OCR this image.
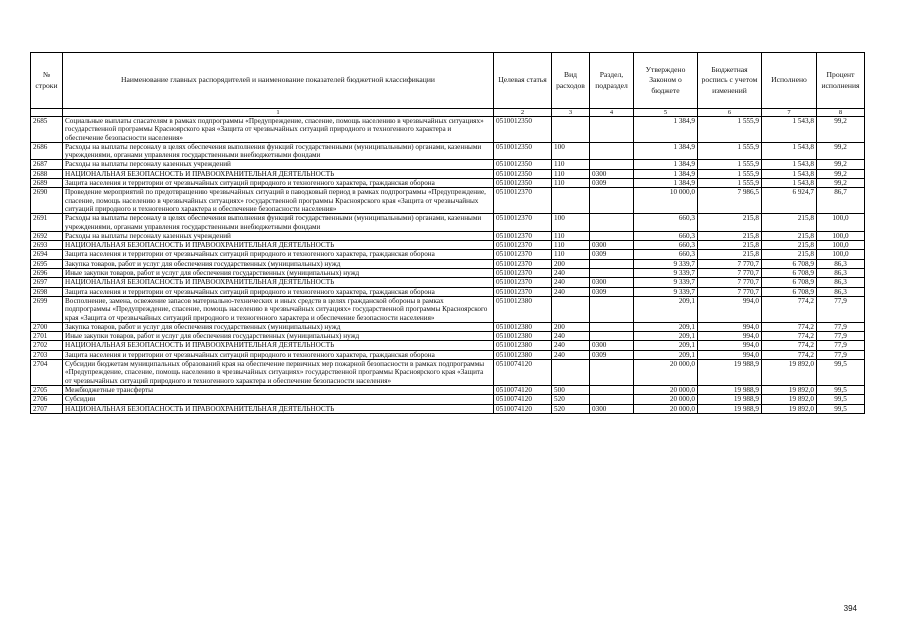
№ строки	Наименование главных распорядителей и наименование показателей бюджетной классификации	Целевая статья	Вид расходов	Раздел, подраздел	Утверждено Законом о бюджете	Бюджетная роспись с учетом изменений	Исполнено	Процент исполнения
	1	2	3	4	5	6	7	8
2685	Социальные выплаты спасателям в рамках подпрограммы «Предупреждение, спасение, помощь населению в чрезвычайных ситуациях» государственной программы Красноярского края «Защита от чрезвычайных ситуаций природного и техногенного характера и обеспечение безопасности населения»	0510012350			1 384,9	1 555,9	1 543,8	99,2
2686	Расходы на выплаты персоналу в целях обеспечения выполнения функций государственными (муниципальными) органами, казенными учреждениями, органами управления государственными внебюджетными фондами	0510012350	100		1 384,9	1 555,9	1 543,8	99,2
2687	Расходы на выплаты персоналу казенных учреждений	0510012350	110		1 384,9	1 555,9	1 543,8	99,2
2688	НАЦИОНАЛЬНАЯ БЕЗОПАСНОСТЬ И ПРАВООХРАНИТЕЛЬНАЯ ДЕЯТЕЛЬНОСТЬ	0510012350	110	0300	1 384,9	1 555,9	1 543,8	99,2
2689	Защита населения и территории от чрезвычайных ситуаций природного и техногенного характера, гражданская оборона	0510012350	110	0309	1 384,9	1 555,9	1 543,8	99,2
2690	Проведение мероприятий по предотвращению чрезвычайных ситуаций в паводковый период в рамках подпрограммы «Предупреждение, спасение, помощь населению в чрезвычайных ситуациях» государственной программы Красноярского края «Защита от чрезвычайных ситуаций природного и техногенного характера и обеспечение безопасности населения»	0510012370			10 000,0	7 986,5	6 924,7	86,7
2691	Расходы на выплаты персоналу в целях обеспечения выполнения функций государственными (муниципальными) органами, казенными учреждениями, органами управления государственными внебюджетными фондами	0510012370	100		660,3	215,8	215,8	100,0
2692	Расходы на выплаты персоналу казенных учреждений	0510012370	110		660,3	215,8	215,8	100,0
2693	НАЦИОНАЛЬНАЯ БЕЗОПАСНОСТЬ И ПРАВООХРАНИТЕЛЬНАЯ ДЕЯТЕЛЬНОСТЬ	0510012370	110	0300	660,3	215,8	215,8	100,0
2694	Защита населения и территории от чрезвычайных ситуаций природного и техногенного характера, гражданская оборона	0510012370	110	0309	660,3	215,8	215,8	100,0
2695	Закупка товаров, работ и услуг для обеспечения государственных (муниципальных) нужд	0510012370	200		9 339,7	7 770,7	6 708,9	86,3
2696	Иные закупки товаров, работ и услуг для обеспечения государственных (муниципальных) нужд	0510012370	240		9 339,7	7 770,7	6 708,9	86,3
2697	НАЦИОНАЛЬНАЯ БЕЗОПАСНОСТЬ И ПРАВООХРАНИТЕЛЬНАЯ ДЕЯТЕЛЬНОСТЬ	0510012370	240	0300	9 339,7	7 770,7	6 708,9	86,3
2698	Защита населения и территории от чрезвычайных ситуаций природного и техногенного характера, гражданская оборона	0510012370	240	0309	9 339,7	7 770,7	6 708,9	86,3
2699	Восполнение, замена, освежение запасов материально-технических и иных средств в целях гражданской обороны в рамках подпрограммы «Предупреждение, спасение, помощь населению в чрезвычайных ситуациях» государственной программы Красноярского края «Защита от чрезвычайных ситуаций природного и техногенного характера и обеспечение безопасности населения»	0510012380			209,1	994,0	774,2	77,9
2700	Закупка товаров, работ и услуг для обеспечения государственных (муниципальных) нужд	0510012380	200		209,1	994,0	774,2	77,9
2701	Иные закупки товаров, работ и услуг для обеспечения государственных (муниципальных) нужд	0510012380	240		209,1	994,0	774,2	77,9
2702	НАЦИОНАЛЬНАЯ БЕЗОПАСНОСТЬ И ПРАВООХРАНИТЕЛЬНАЯ ДЕЯТЕЛЬНОСТЬ	0510012380	240	0300	209,1	994,0	774,2	77,9
2703	Защита населения и территории от чрезвычайных ситуаций природного и техногенного характера, гражданская оборона	0510012380	240	0309	209,1	994,0	774,2	77,9
2704	Субсидии бюджетам муниципальных образований края на обеспечение первичных мер пожарной безопасности в рамках подпрограммы «Предупреждение, спасение, помощь населению в чрезвычайных ситуациях» государственной программы Красноярского края «Защита от чрезвычайных ситуаций природного и техногенного характера и обеспечение безопасности населения»	0510074120			20 000,0	19 988,9	19 892,0	99,5
2705	Межбюджетные трансферты	0510074120	500		20 000,0	19 988,9	19 892,0	99,5
2706	Субсидии	0510074120	520		20 000,0	19 988,9	19 892,0	99,5
2707	НАЦИОНАЛЬНАЯ БЕЗОПАСНОСТЬ И ПРАВООХРАНИТЕЛЬНАЯ ДЕЯТЕЛЬНОСТЬ	0510074120	520	0300	20 000,0	19 988,9	19 892,0	99,5
394
